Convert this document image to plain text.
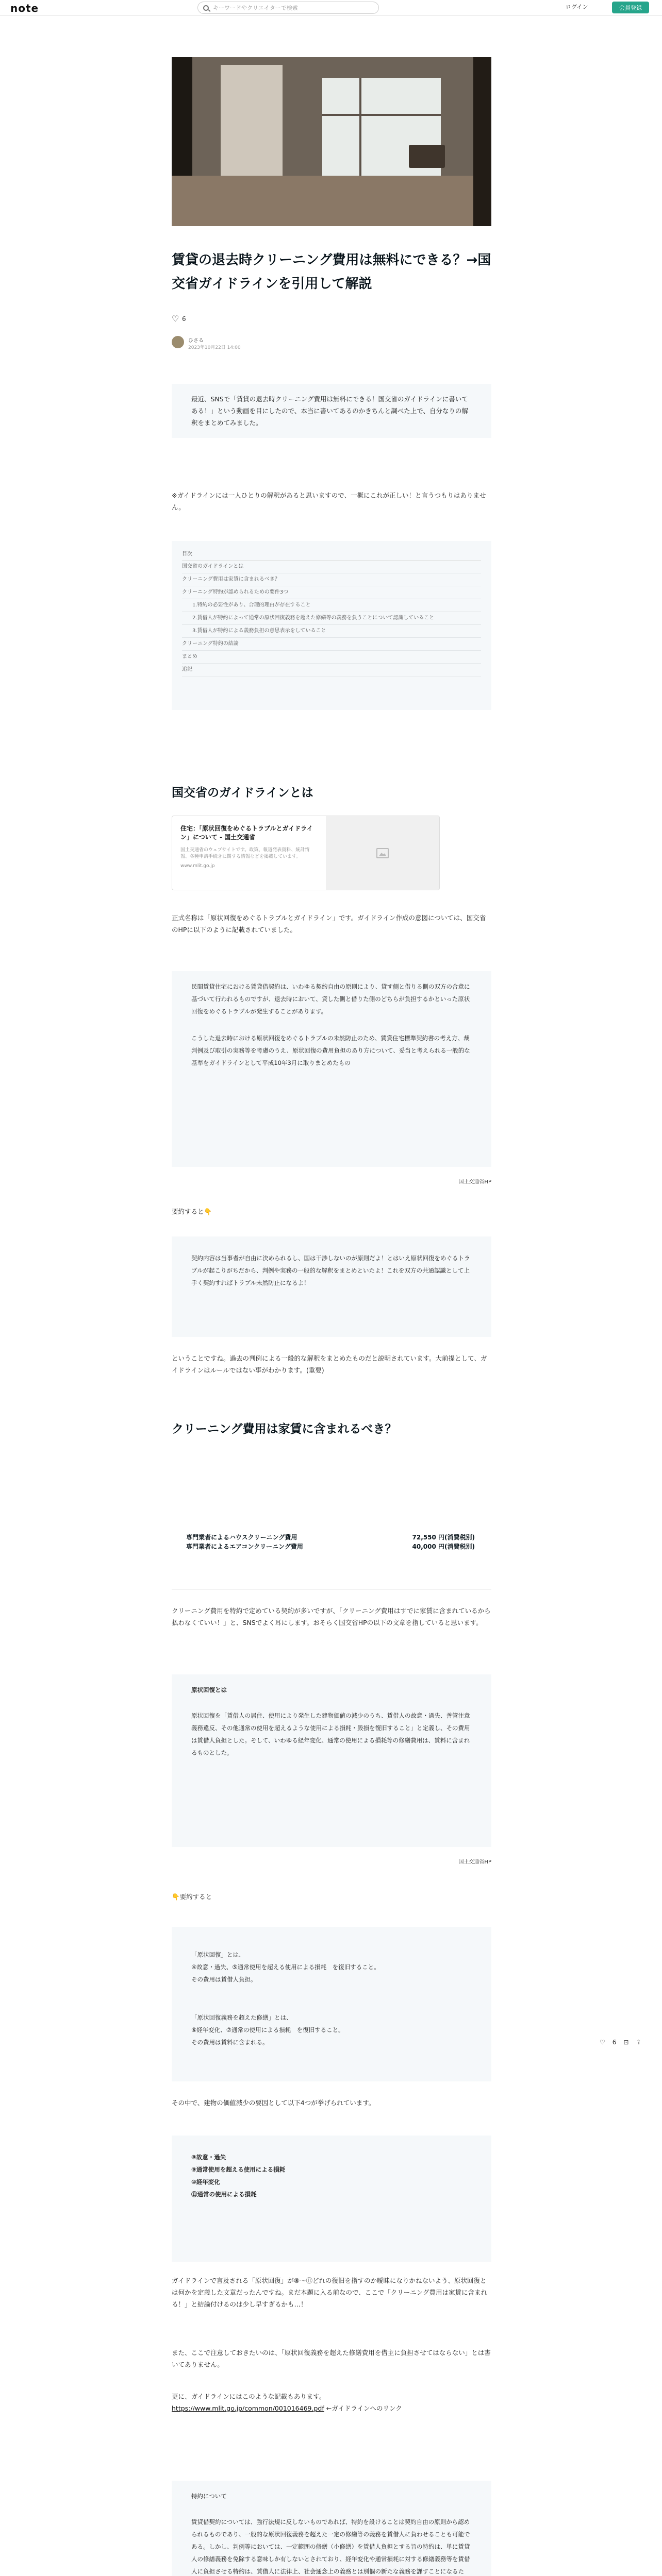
note	キーワードやクリエイターで検索	ログイン	会員登録
賃貸の退去時クリーニング費用は無料にできる？→国交省ガイドラインを引用して解説
♡
6
ひさる
2023年10月22日 14:00
最近、SNSで「賃貸の退去時クリーニング費用は無料にできる！国交省のガイドラインに書いてある！」という動画を目にしたので、本当に書いてあるのかきちんと調べた上で、自分なりの解釈をまとめてみました。

※ガイドラインには一人ひとりの解釈があると思いますので、一概にこれが正しい！と言うつもりはありません。

目次
国交省のガイドラインとは
クリーニング費用は家賃に含まれるべき？
クリーニング特約が認められるための要件3つ
1.特約の必要性があり、合理的理由が存在すること
2.賃借人が特約によって通常の原状回復義務を超えた修繕等の義務を負うことについて認識していること
3.賃借人が特約による義務負担の意思表示をしていること
クリーニング特約の結論
まとめ
追記
国交省のガイドラインとは
住宅：「原状回復をめぐるトラブルとガイドライン」について - 国土交通省
国土交通省のウェブサイトです。政策、報道発表資料、統計情報、各種申請手続きに関する情報などを掲載しています。
www.mlit.go.jp

正式名称は「原状回復をめぐるトラブルとガイドライン」です。ガイドライン作成の意図については、国交省のHPに以下のように記載されていました。

民間賃貸住宅における賃貸借契約は、いわゆる契約自由の原則により、貸す側と借りる側の双方の合意に基づいて行われるものですが、退去時において、貸した側と借りた側のどちらが負担するかといった原状回復をめぐるトラブルが発生することがあります。
こうした退去時における原状回復をめぐるトラブルの未然防止のため、賃貸住宅標準契約書の考え方、裁判例及び取引の実務等を考慮のうえ、原状回復の費用負担のあり方について、妥当と考えられる一般的な基準をガイドラインとして平成10年3月に取りまとめたもの
国土交通省HP

要約すると👇

契約内容は当事者が自由に決められるし、国は干渉しないのが原則だよ！とはいえ原状回復をめぐるトラブルが起こりがちだから、判例や実務の一般的な解釈をまとめといたよ！これを双方の共通認識として上手く契約すればトラブル未然防止になるよ！

ということですね。過去の判例による一般的な解釈をまとめたものだと説明されています。大前提として、ガイドラインはルールではない事がわかります。(重要)

クリーニング費用は家賃に含まれるべき？
専門業者によるハウスクリーニング費用	72,550 円(消費税別)
専門業者によるエアコンクリーニング費用	40,000 円(消費税別)

クリーニング費用を特約で定めている契約が多いですが、「クリーニング費用はすでに家賃に含まれているから払わなくていい！」と、SNSでよく耳にします。おそらく国交省HPの以下の文章を指していると思います。

原状回復とは
原状回復を「賃借人の居住、使用により発生した建物価値の減少のうち、賃借人の故意・過失、善管注意義務違反、その他通常の使用を超えるような使用による損耗・毀損を復旧すること」と定義し、その費用は賃借人負担とした。そして、いわゆる経年変化、通常の使用による損耗等の修繕費用は、賃料に含まれるものとした。
国土交通省HP

👇要約すると

「原状回復」とは、
④故意・過失、⑤通常使用を超える使用による損耗　を復旧すること。
その費用は賃借人負担。

「原状回復義務を超えた修繕」とは、
⑥経年変化、⑦通常の使用による損耗　を復旧すること。
その費用は賃料に含まれる。	♡ 6 ⊡ ⇪

その中で、建物の価値減少の要因として以下4つが挙げられています。

⑧故意・過失
⑨通常使用を超える使用による損耗
⑩経年変化
⑪通常の使用による損耗

ガイドラインで言及される「原状回復」が⑧〜⑪どれの復旧を指すのか曖昧になりかねないよう、原状回復とは何かを定義した文章だったんですね。まだ本題に入る前なので、ここで「クリーニング費用は家賃に含まれる！」と結論付けるのは少し早すぎるかも…！

また、ここで注意しておきたいのは、「原状回復義務を超えた修繕費用を借主に負担させてはならない」とは書いてありません。

更に、ガイドラインにはこのような記載もあります。
https://www.mlit.go.jp/common/001016469.pdf ←ガイドラインへのリンク

特約について
賃貸借契約については、強行法規に反しないものであれば、特約を設けることは契約自由の原則から認められるものであり、一般的な原状回復義務を超えた一定の修繕等の義務を賃借人に負わせることも可能である。しかし、判例等においては、一定範囲の修繕（小修繕）を賃借人負担とする旨の特約は、単に賃貸人の修繕義務を免除する意味しか有しないとされており、経年変化や通常損耗に対する修繕義務等を賃借人に負担させる特約は、賃借人に法律上、社会通念上の義務とは別個の新たな義務を課すことになるた
